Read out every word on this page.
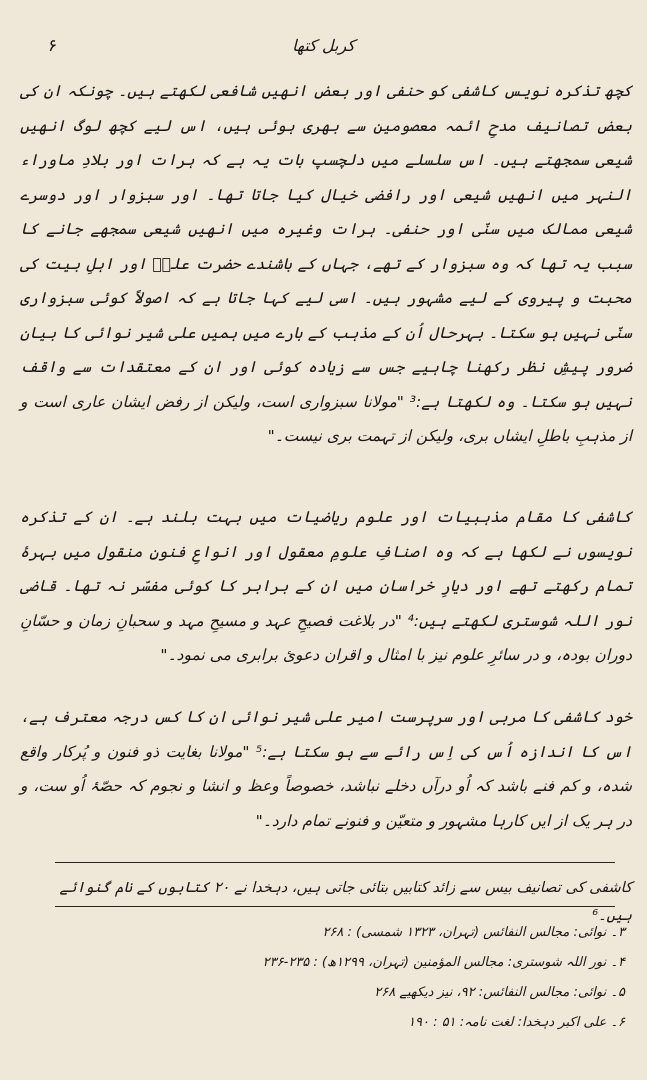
کربل کتھا
۶
کچھ تذکرہ نویس کاشفی کو حنفی اور بعض انھیں شافعی لکھتے ہیں۔ چونکہ ان کی بعض تصانیف مدحِ ائمہ معصومین سے بھری ہوئی ہیں، اس لیے کچھ لوگ انھیں شیعی سمجھتے ہیں۔ اس سلسلے میں دلچسپ بات یہ ہے کہ ہرات اور بلادِ ماوراء النہر میں انھیں شیعی اور رافضی خیال کیا جاتا تھا۔ اور سبزوار اور دوسرے شیعی ممالک میں سنّی اور حنفی۔ ہرات وغیرہ میں انھیں شیعی سمجھے جانے کا سبب یہ تھا کہ وہ سبزوار کے تھے، جہاں کے باشندے حضرت علیؑ اور اہلِ بیت کی محبت و پیروی کے لیے مشہور ہیں۔ اسی لیے کہا جاتا ہے کہ اصولاً کوئی سبزواری سنّی نہیں ہو سکتا۔ بہرحال اُن کے مذہب کے بارے میں ہمیں علی شیر نوائی کا بیان ضرور پیشِ نظر رکھنا چاہیے جس سے زیادہ کوئی اور ان کے معتقدات سے واقف نہیں ہو سکتا۔ وہ لکھتا ہے:³ "مولانا سبزواری است، ولیکن از رفض ایشان عاری است و از مذہبِ باطلِ ایشاں بری، ولیکن از تہمت بری نیست۔"
کاشفی کا مقام مذہبیات اور علوم ریاضیات میں بہت بلند ہے۔ ان کے تذکرہ نویسوں نے لکھا ہے کہ وہ اصنافِ علومِ معقول اور انواعِ فنونِ منقول میں بہرۂ تمام رکھتے تھے اور دیارِ خراسان میں ان کے برابر کا کوئی مفسّر نہ تھا۔ قاضی نور اللہ شوستری لکھتے ہیں:⁴ "در بلاغت فصیحِ عہد و مسیحِ مہد و سحبانِ زمان و حسّانِ دوران بودہ، و در سائرِ علوم نیز با امثال و اقران دعویٔ برابری می نمود۔"
خود کاشفی کا مربی اور سرپرست امیر علی شیر نوائی ان کا کس درجہ معترف ہے، اس کا اندازہ اُس کی اِس رائے سے ہو سکتا ہے:⁵ "مولانا بغایت ذو فنون و پُرکار واقع شدہ، و کم فنے باشد کہ اُو درآں دخلے نباشد، خصوصاً وعظ و انشا و نجوم کہ حصّۂ اُو ست، و در ہر یک از ایں کارہا مشہور و متعیّن و فنونے تمام دارد۔"
کاشفی کی تصانیف بیس سے زائد کتابیں بتائی جاتی ہیں، دہخدا نے ۲۰ کتابوں کے نام گنوائے ہیں۔⁶
۳۔ نوائی: مجالس النفائس (تہران، ۱۳۲۳ شمسی) : ۲۶۸
۴۔ نور اللہ شوستری: مجالس المؤمنین (تہران، ۱۲۹۹ھ) : ۲۳۵-۲۳۶
۵۔ نوائی: مجالس النفائس: ۹۲، نیز دیکھیے ۲۶۸
۶۔ علی اکبر دہخدا: لغت نامہ: ۵۱ : ۱۹۰
